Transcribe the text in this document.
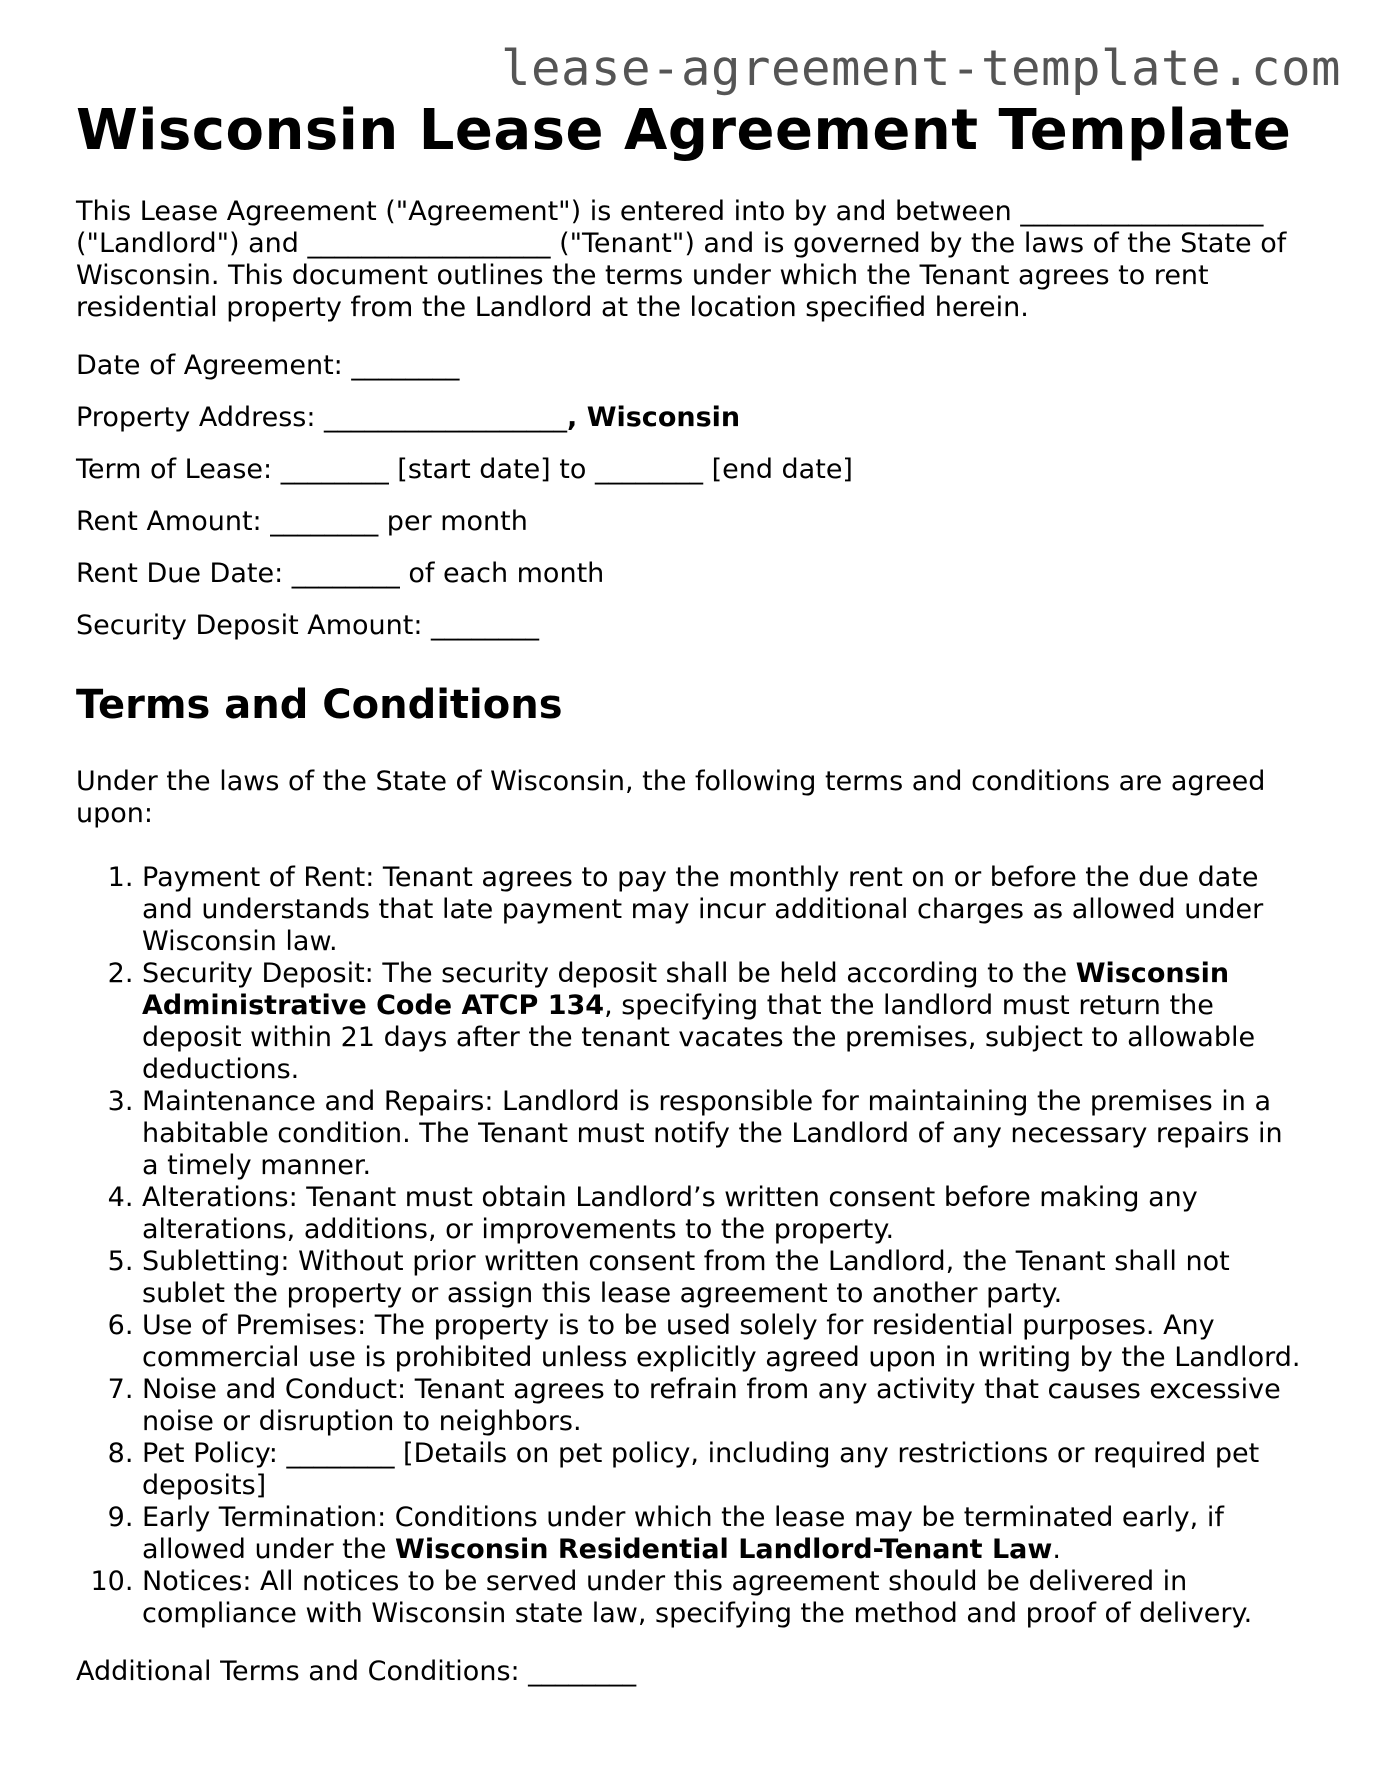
lease-agreement-template.com
Wisconsin Lease Agreement Template

This Lease Agreement ("Agreement") is entered into by and between __________________ ("Landlord") and __________________ ("Tenant") and is governed by the laws of the State of Wisconsin. This document outlines the terms under which the Tenant agrees to rent residential property from the Landlord at the location specified herein.

Date of Agreement: ________

Property Address: __________________, Wisconsin

Term of Lease: ________ [start date] to ________ [end date]

Rent Amount: ________ per month

Rent Due Date: ________ of each month

Security Deposit Amount: ________

Terms and Conditions

Under the laws of the State of Wisconsin, the following terms and conditions are agreed upon:

1. Payment of Rent: Tenant agrees to pay the monthly rent on or before the due date and understands that late payment may incur additional charges as allowed under Wisconsin law.
2. Security Deposit: The security deposit shall be held according to the Wisconsin Administrative Code ATCP 134, specifying that the landlord must return the deposit within 21 days after the tenant vacates the premises, subject to allowable deductions.
3. Maintenance and Repairs: Landlord is responsible for maintaining the premises in a habitable condition. The Tenant must notify the Landlord of any necessary repairs in a timely manner.
4. Alterations: Tenant must obtain Landlord’s written consent before making any alterations, additions, or improvements to the property.
5. Subletting: Without prior written consent from the Landlord, the Tenant shall not sublet the property or assign this lease agreement to another party.
6. Use of Premises: The property is to be used solely for residential purposes. Any commercial use is prohibited unless explicitly agreed upon in writing by the Landlord.
7. Noise and Conduct: Tenant agrees to refrain from any activity that causes excessive noise or disruption to neighbors.
8. Pet Policy: ________ [Details on pet policy, including any restrictions or required pet deposits]
9. Early Termination: Conditions under which the lease may be terminated early, if allowed under the Wisconsin Residential Landlord-Tenant Law.
10. Notices: All notices to be served under this agreement should be delivered in compliance with Wisconsin state law, specifying the method and proof of delivery.

Additional Terms and Conditions: ________
